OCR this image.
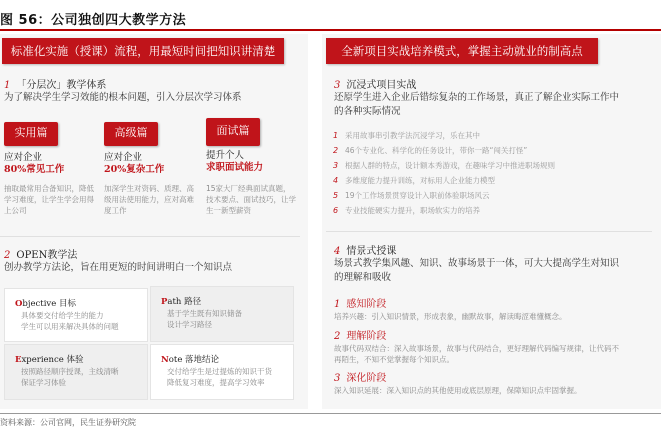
图 56：公司独创四大教学方法
标准化实施（授课）流程，用最短时间把知识讲清楚	全新项目实战培养模式，掌握主动就业的制高点
1 「分层次」教学体系
为了解决学生学习效能的根本问题，引入分层次学习体系
实用篇	高级篇	面试篇
应对企业
80%常见工作
应对企业
20%复杂工作
提升个人
求职面试能力
抽取最常用合备知识，降低学习难度，让学生学会用得上公司
加深学生对资码、质理、高级用法使用能力，应对高难度工作
15家大厂经典面试真题，技术要点、面试技巧，让学生一新型薪资
2 OPEN教学法
创办教学方法论，旨在用更短的时间讲明白一个知识点
Objective 目标
具体要交付给学生的能力
学生可以用来解决具体的问题
Path 路径
基于学生既有知识储备
设计学习路径
Experience 体验
按照路径顺序授课，主线清晰
保证学习体验
Note 落地结论
交付给学生是过提炼的知识干货
降低复习难度，提高学习效率
3 沉浸式项目实战
还原学生进入企业后错综复杂的工作场景，真正了解企业实际工作中
的各种实际情况
1 采用故事串引教学法沉浸学习，乐在其中
2 46个专业化、科学化的任务设计，带你一路“闯关打怪”
3 根据人群的特点，设计额本秀游戏，在趣味学习中推进职场规则
4 多维度能力提升训练，对标用人企业能力模型
5 19个工作场景贯穿设计入职前体验职场风云
6 专业技能硬实力提升，职场软实力的培养
4 情景式授课
场景式教学集风趣、知识、故事场景于一体，可大大提高学生对知识
的理解和吸收
1 感知阶段
培养兴趣：引入知识情景，形成表象，幽默故事，解读晦涩难懂概念。
2 理解阶段
故事代码双结合：深入故事场景，故事与代码结合，更好理解代码编写规律，让代码不再陌生，不知不觉掌握每个知识点。
3 深化阶段
深入知识延展：深入知识点的其他使用或底层原理，保障知识点牢固掌握。
资料来源：公司官网，民生证券研究院
